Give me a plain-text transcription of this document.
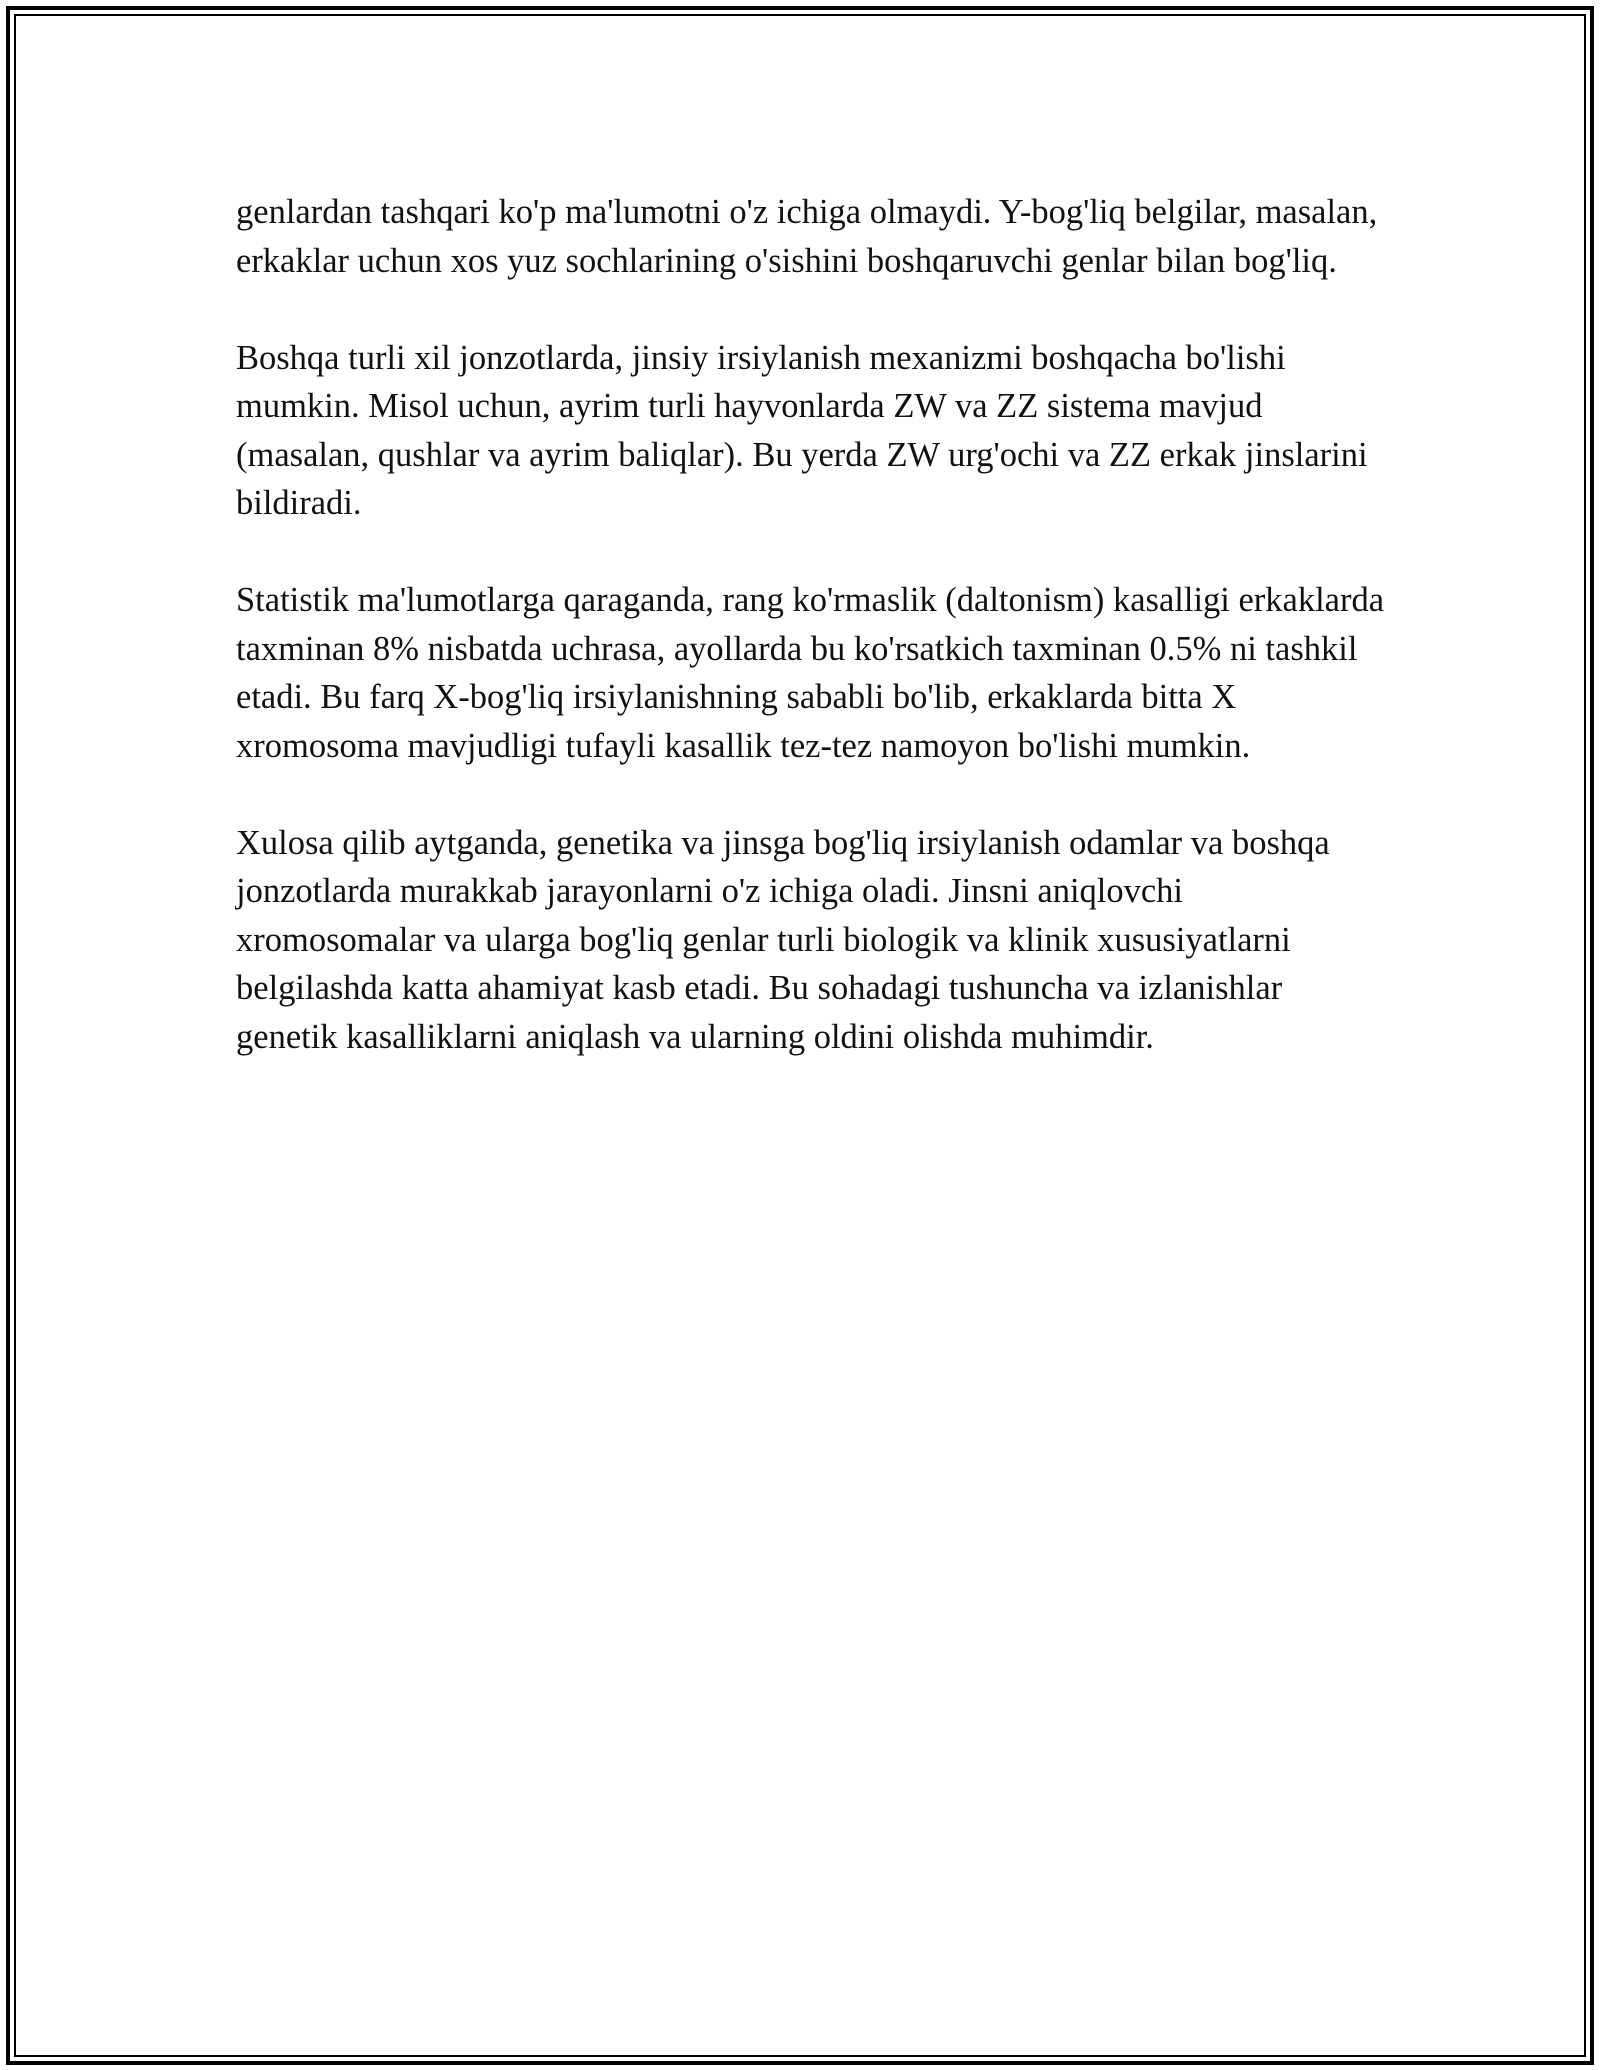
genlardan tashqari ko'p ma'lumotni o'z ichiga olmaydi. Y-bog'liq belgilar, masalan, erkaklar uchun xos yuz sochlarining o'sishini boshqaruvchi genlar bilan bog'liq.

Boshqa turli xil jonzotlarda, jinsiy irsiylanish mexanizmi boshqacha bo'lishi mumkin. Misol uchun, ayrim turli hayvonlarda ZW va ZZ sistema mavjud (masalan, qushlar va ayrim baliqlar). Bu yerda ZW urg'ochi va ZZ erkak jinslarini bildiradi.

Statistik ma'lumotlarga qaraganda, rang ko'rmaslik (daltonism) kasalligi erkaklarda taxminan 8% nisbatda uchrasa, ayollarda bu ko'rsatkich taxminan 0.5% ni tashkil etadi. Bu farq X-bog'liq irsiylanishning sababli bo'lib, erkaklarda bitta X xromosoma mavjudligi tufayli kasallik tez-tez namoyon bo'lishi mumkin.

Xulosa qilib aytganda, genetika va jinsga bog'liq irsiylanish odamlar va boshqa jonzotlarda murakkab jarayonlarni o'z ichiga oladi. Jinsni aniqlovchi xromosomalar va ularga bog'liq genlar turli biologik va klinik xususiyatlarni belgilashda katta ahamiyat kasb etadi. Bu sohadagi tushuncha va izlanishlar genetik kasalliklarni aniqlash va ularning oldini olishda muhimdir.
